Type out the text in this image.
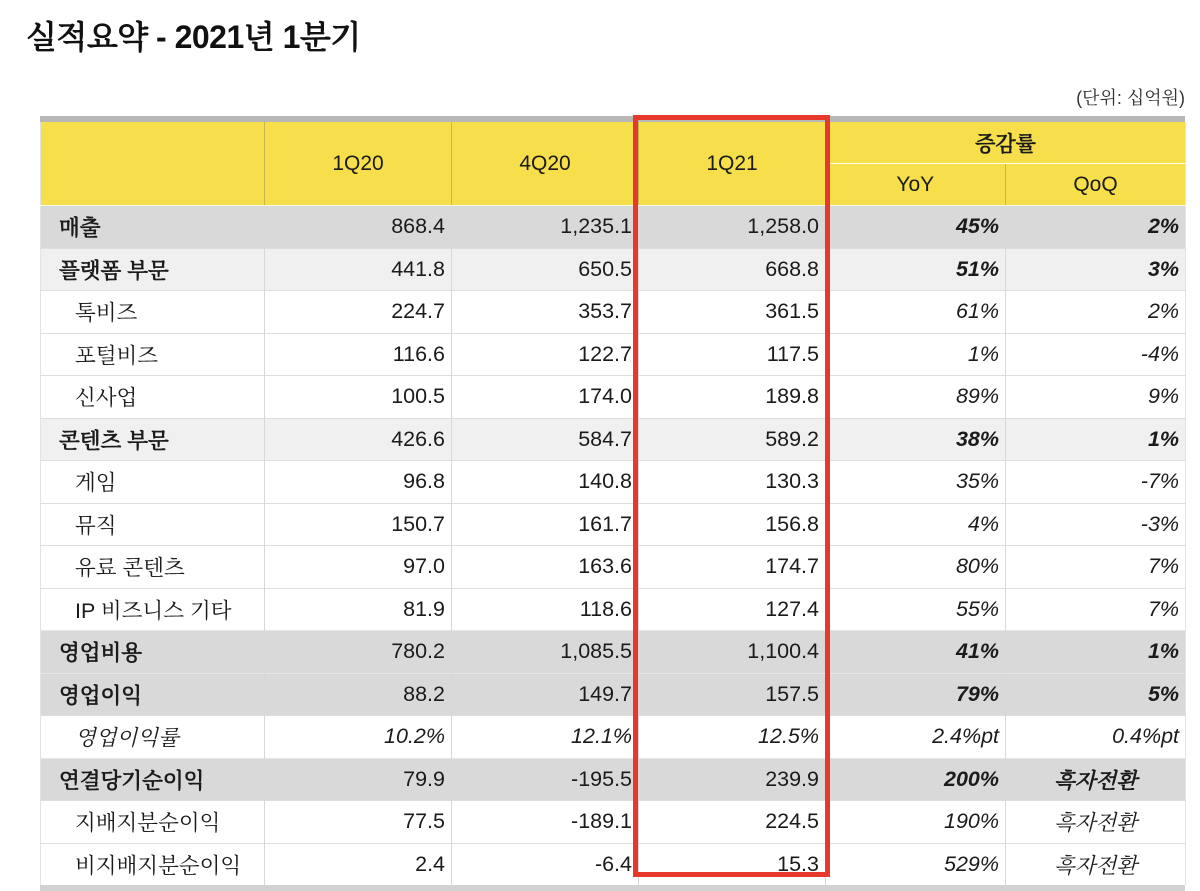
실적요약 - 2021년 1분기
(단위: 십억원)
	1Q20	4Q20	1Q21	증감률	
				YoY	QoQ
매출	868.4	1,235.1	1,258.0	45%	2%
플랫폼 부문	441.8	650.5	668.8	51%	3%
톡비즈	224.7	353.7	361.5	61%	2%
포털비즈	116.6	122.7	117.5	1%	-4%
신사업	100.5	174.0	189.8	89%	9%
콘텐츠 부문	426.6	584.7	589.2	38%	1%
게임	96.8	140.8	130.3	35%	-7%
뮤직	150.7	161.7	156.8	4%	-3%
유료 콘텐츠	97.0	163.6	174.7	80%	7%
IP 비즈니스 기타	81.9	118.6	127.4	55%	7%
영업비용	780.2	1,085.5	1,100.4	41%	1%
영업이익	88.2	149.7	157.5	79%	5%
영업이익률	10.2%	12.1%	12.5%	2.4%pt	0.4%pt
연결당기순이익	79.9	-195.5	239.9	200%	흑자전환
지배지분순이익	77.5	-189.1	224.5	190%	흑자전환
비지배지분순이익	2.4	-6.4	15.3	529%	흑자전환
